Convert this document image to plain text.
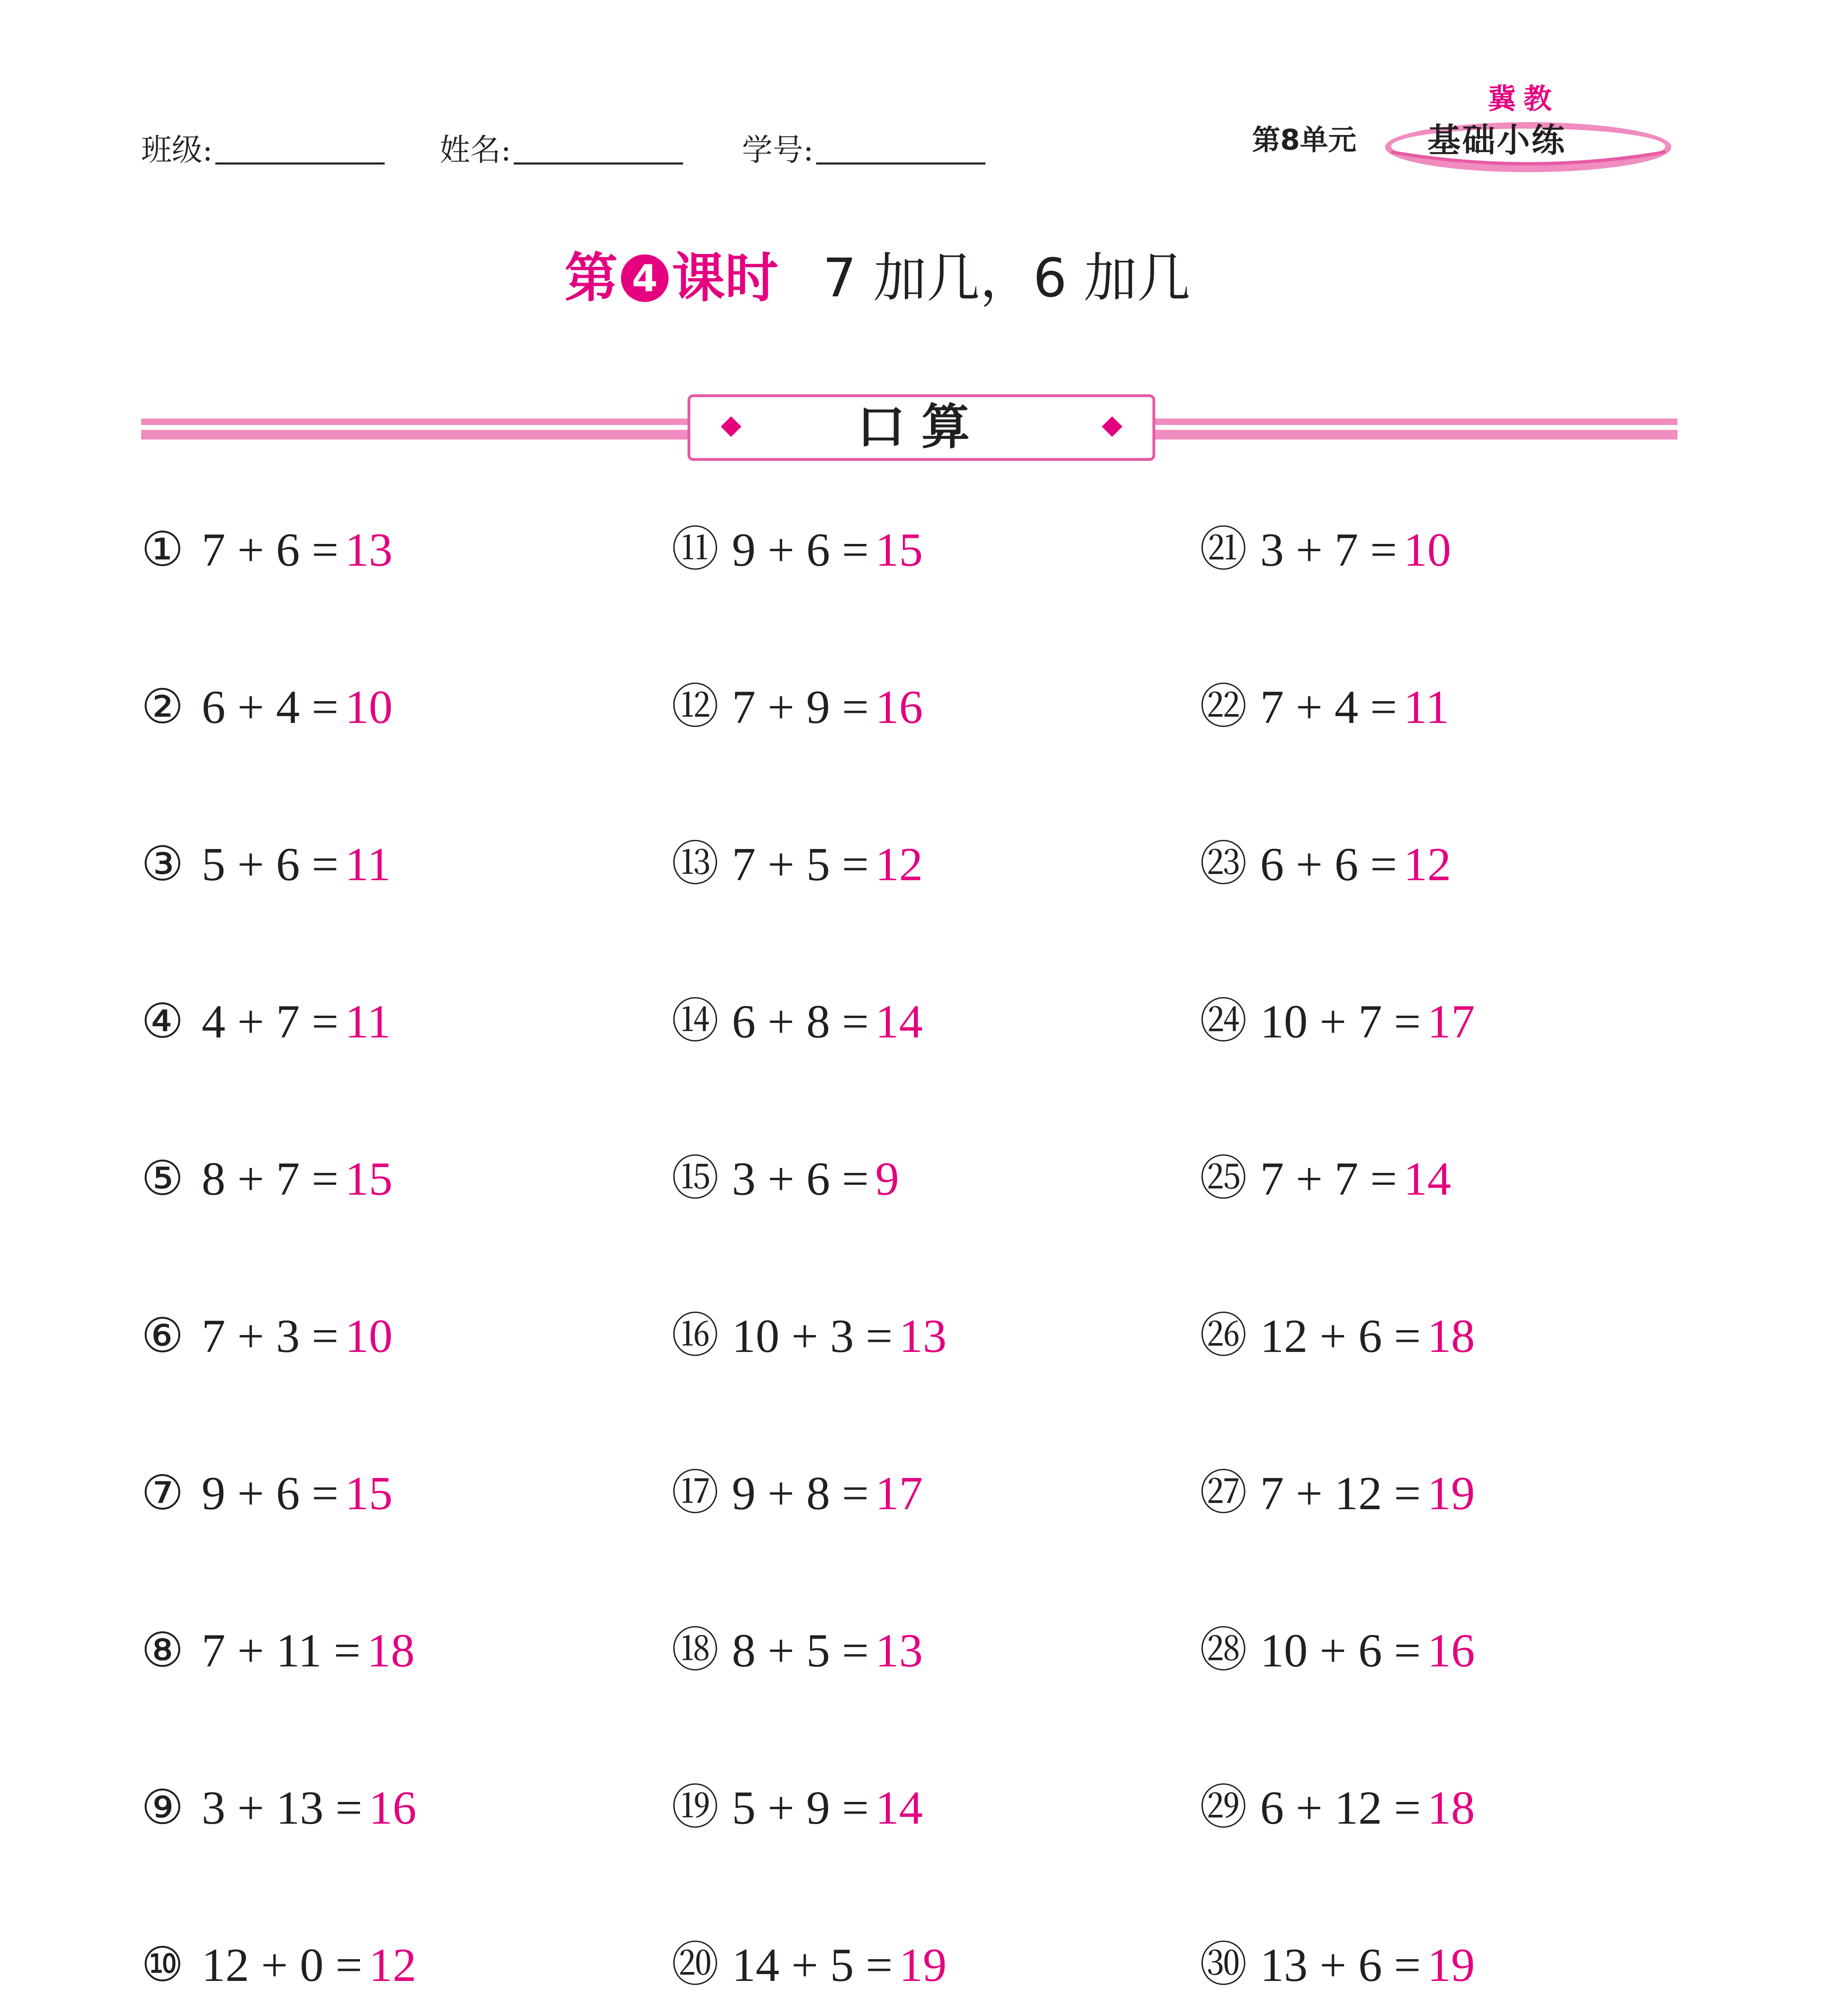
班级:	姓名:	学号:	第8单元
冀教
基础小练
第 4 课时 7 加几，6 加几
口算
① 7 + 6 = 13
② 6 + 4 = 10
③ 5 + 6 = 11
④ 4 + 7 = 11
⑤ 8 + 7 = 15
⑥ 7 + 3 = 10
⑦ 9 + 6 = 15
⑧ 7 + 11 = 18
⑨ 3 + 13 = 16
⑩ 12 + 0 = 12
⑪ 9 + 6 = 15
⑫ 7 + 9 = 16
⑬ 7 + 5 = 12
⑭ 6 + 8 = 14
⑮ 3 + 6 = 9
⑯ 10 + 3 = 13
⑰ 9 + 8 = 17
⑱ 8 + 5 = 13
⑲ 5 + 9 = 14
⑳ 14 + 5 = 19
㉑ 3 + 7 = 10
㉒ 7 + 4 = 11
㉓ 6 + 6 = 12
㉔ 10 + 7 = 17
㉕ 7 + 7 = 14
㉖ 12 + 6 = 18
㉗ 7 + 12 = 19
㉘ 10 + 6 = 16
㉙ 6 + 12 = 18
㉚ 13 + 6 = 19
